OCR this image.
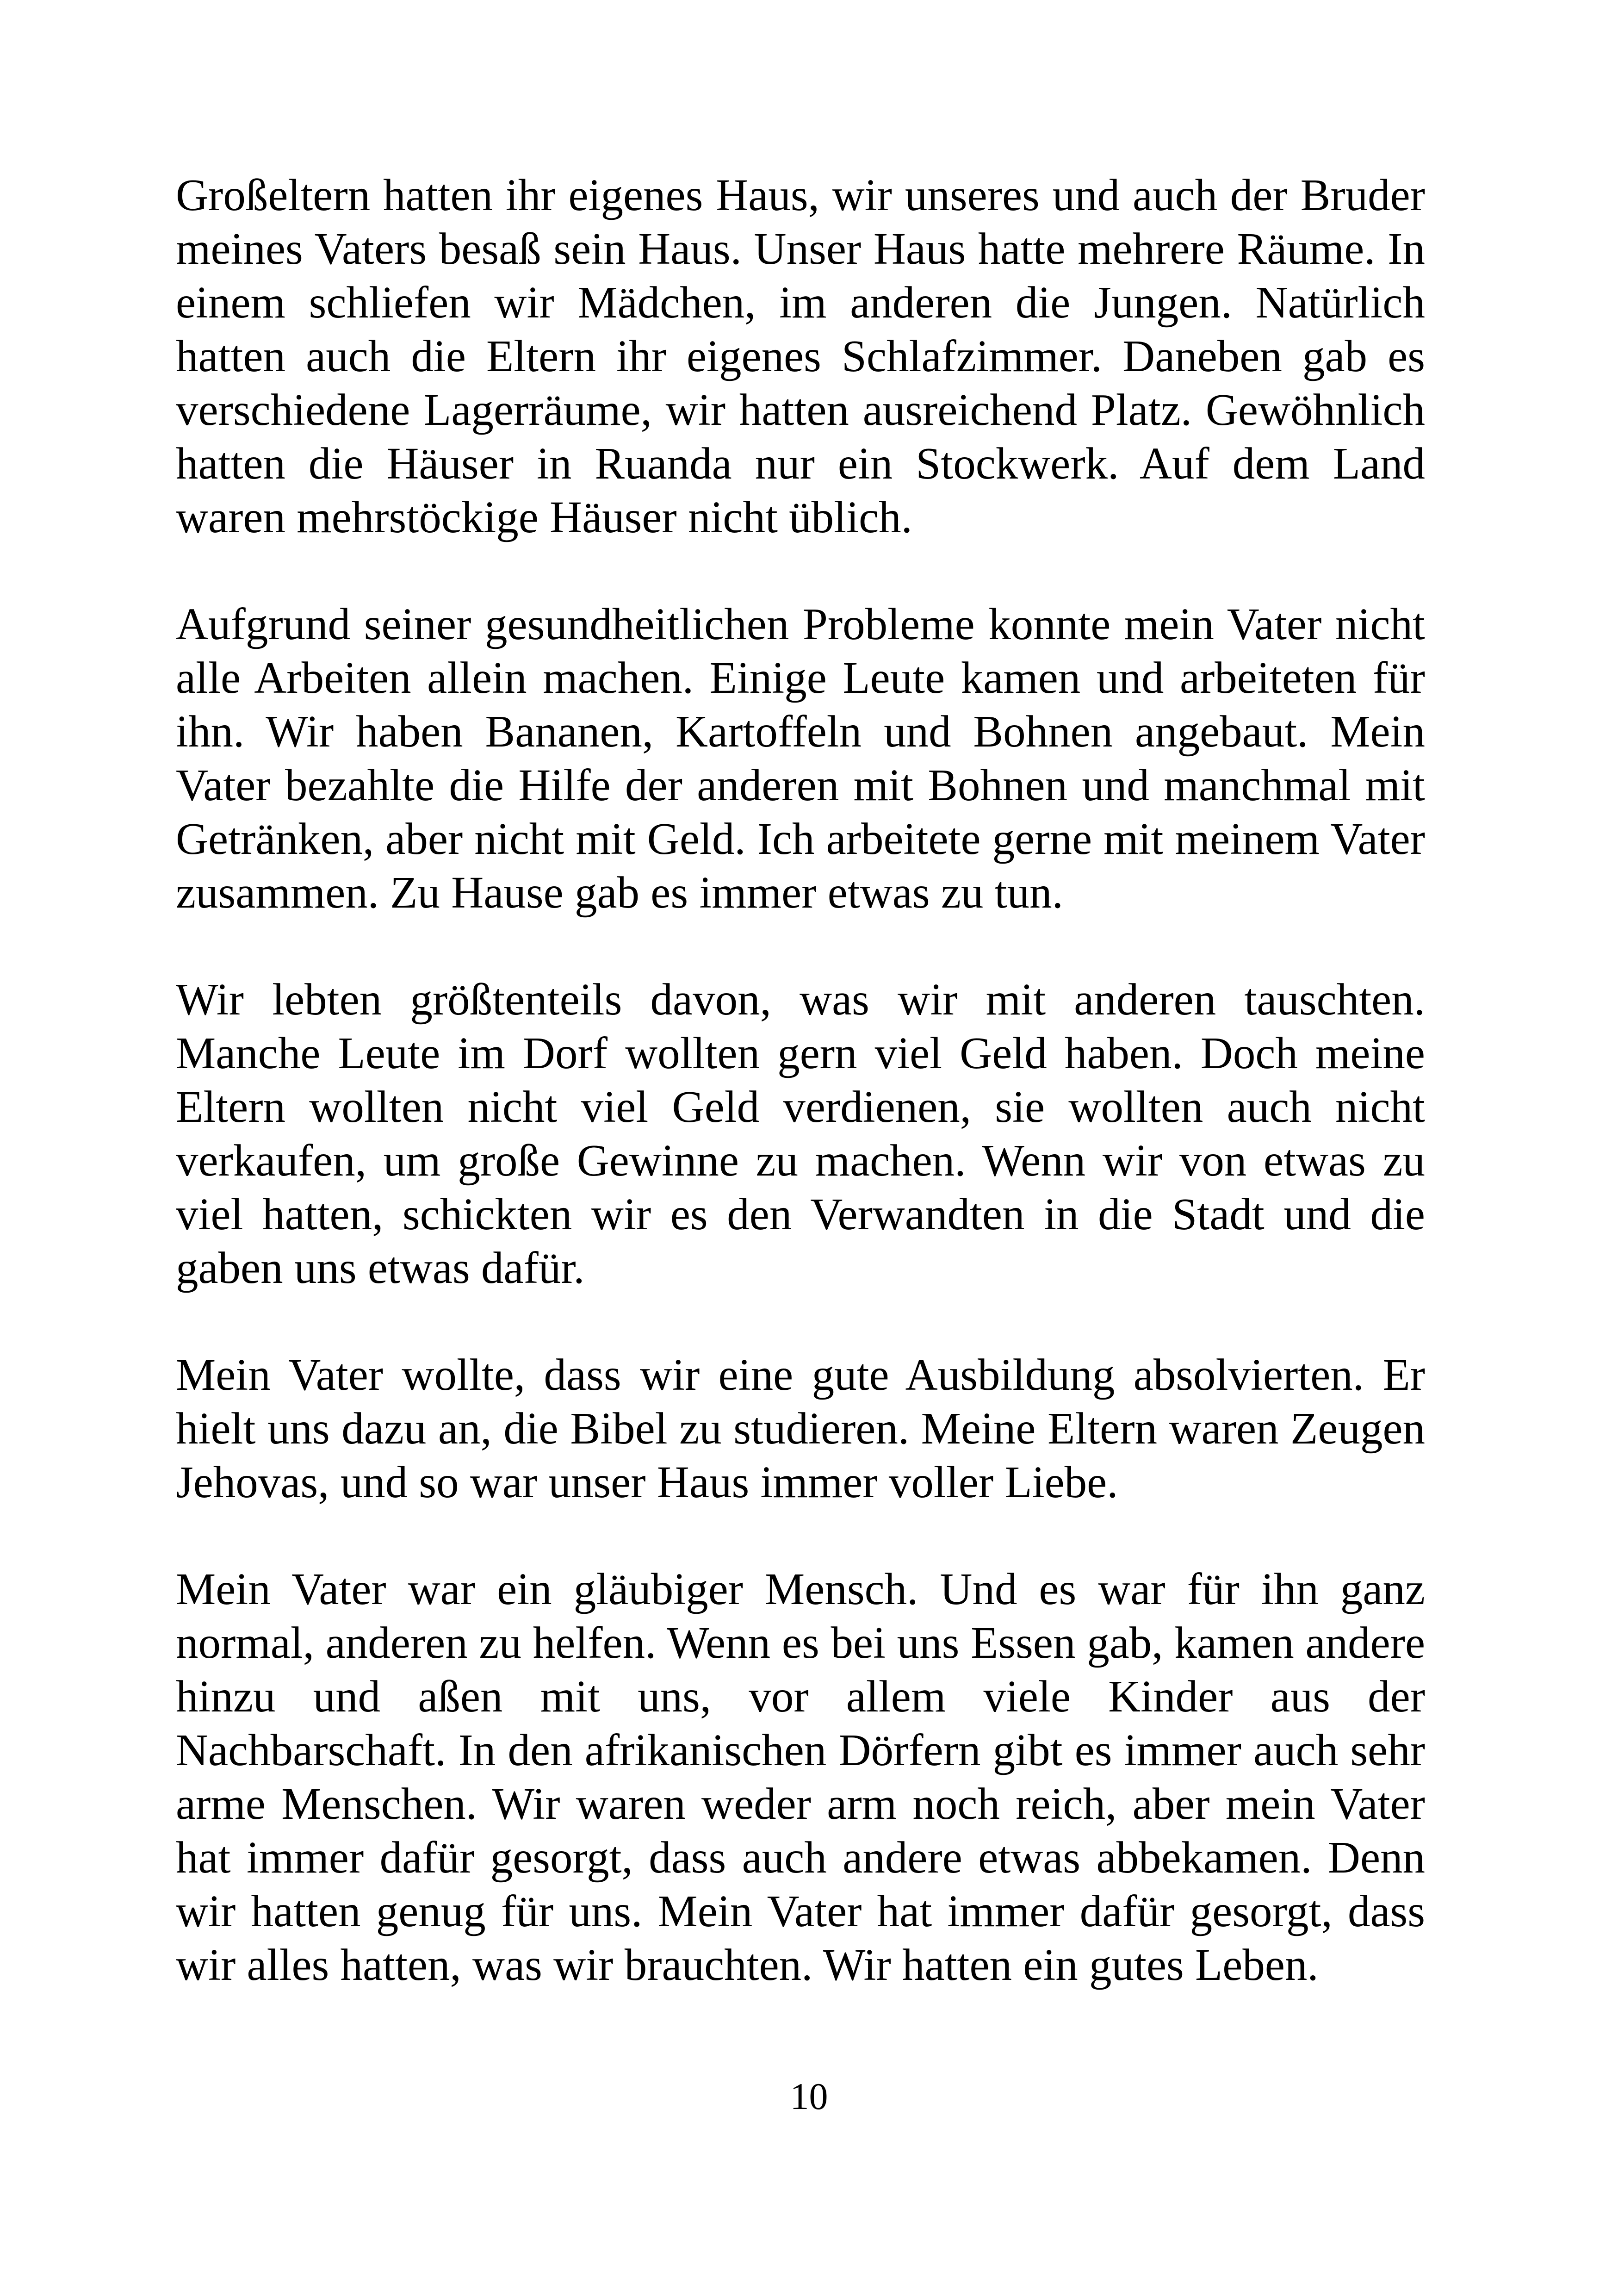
Großeltern hatten ihr eigenes Haus, wir unseres und auch der Bruder meines Vaters besaß sein Haus. Unser Haus hatte mehrere Räume. In einem schliefen wir Mädchen, im anderen die Jungen. Natürlich hatten auch die Eltern ihr eigenes Schlafzimmer. Daneben gab es verschiedene Lagerräume, wir hatten ausreichend Platz. Gewöhnlich hatten die Häuser in Ruanda nur ein Stockwerk. Auf dem Land waren mehrstöckige Häuser nicht üblich.

Aufgrund seiner gesundheitlichen Probleme konnte mein Vater nicht alle Arbeiten allein machen. Einige Leute kamen und arbeiteten für ihn. Wir haben Bananen, Kartoffeln und Bohnen angebaut. Mein Vater bezahlte die Hilfe der anderen mit Bohnen und manchmal mit Getränken, aber nicht mit Geld. Ich arbeitete gerne mit meinem Vater zusammen. Zu Hause gab es immer etwas zu tun.

Wir lebten größtenteils davon, was wir mit anderen tauschten. Manche Leute im Dorf wollten gern viel Geld haben. Doch meine Eltern wollten nicht viel Geld verdienen, sie wollten auch nicht verkaufen, um große Gewinne zu machen. Wenn wir von etwas zu viel hatten, schickten wir es den Verwandten in die Stadt und die gaben uns etwas dafür.

Mein Vater wollte, dass wir eine gute Ausbildung absolvierten. Er hielt uns dazu an, die Bibel zu studieren. Meine Eltern waren Zeugen Jehovas, und so war unser Haus immer voller Liebe.

Mein Vater war ein gläubiger Mensch. Und es war für ihn ganz normal, anderen zu helfen. Wenn es bei uns Essen gab, kamen andere hinzu und aßen mit uns, vor allem viele Kinder aus der Nachbarschaft. In den afrikanischen Dörfern gibt es immer auch sehr arme Menschen. Wir waren weder arm noch reich, aber mein Vater hat immer dafür gesorgt, dass auch andere etwas abbekamen. Denn wir hatten genug für uns. Mein Vater hat immer dafür gesorgt, dass wir alles hatten, was wir brauchten. Wir hatten ein gutes Leben.

10
